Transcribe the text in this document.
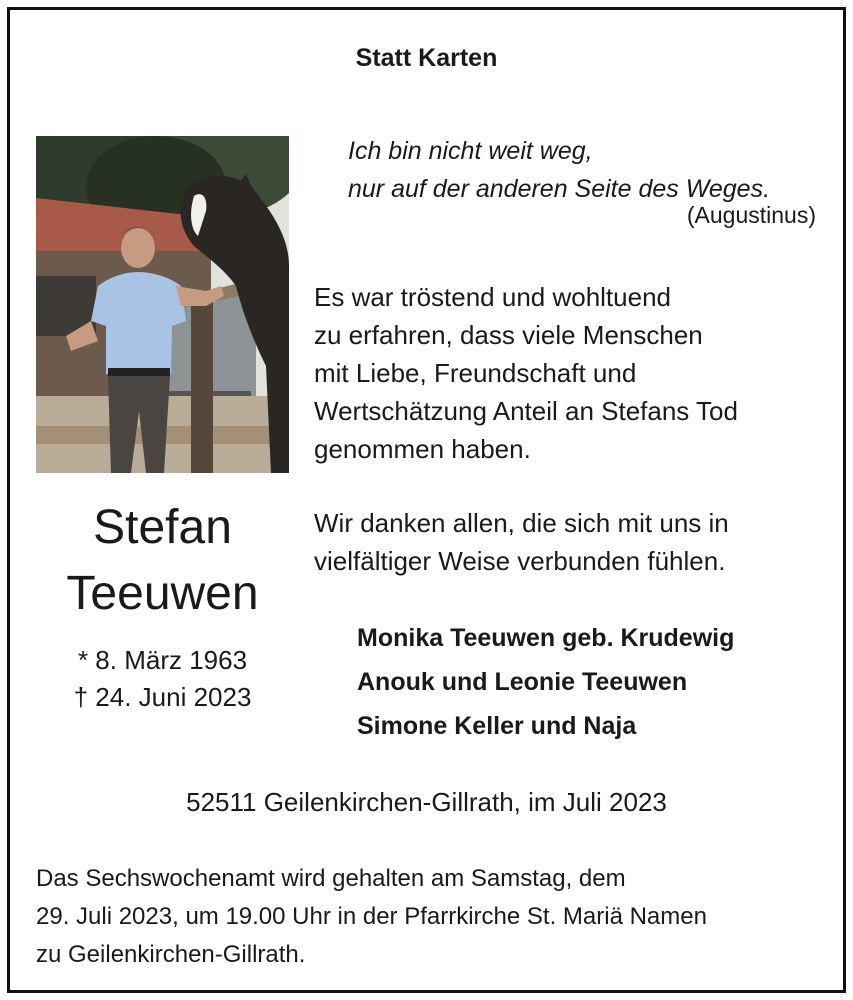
Statt Karten
Ich bin nicht weit weg,
nur auf der anderen Seite des Weges.
(Augustinus)
Es war tröstend und wohltuend
zu erfahren, dass viele Menschen
mit Liebe, Freundschaft und
Wertschätzung Anteil an Stefans Tod
genommen haben.
Wir danken allen, die sich mit uns in
vielfältiger Weise verbunden fühlen.
Stefan
Teeuwen
* 8. März 1963
† 24. Juni 2023
Monika Teeuwen geb. Krudewig
Anouk und Leonie Teeuwen
Simone Keller und Naja
52511 Geilenkirchen-Gillrath, im Juli 2023
Das Sechswochenamt wird gehalten am Samstag, dem
29. Juli 2023, um 19.00 Uhr in der Pfarrkirche St. Mariä Namen
zu Geilenkirchen-Gillrath.
